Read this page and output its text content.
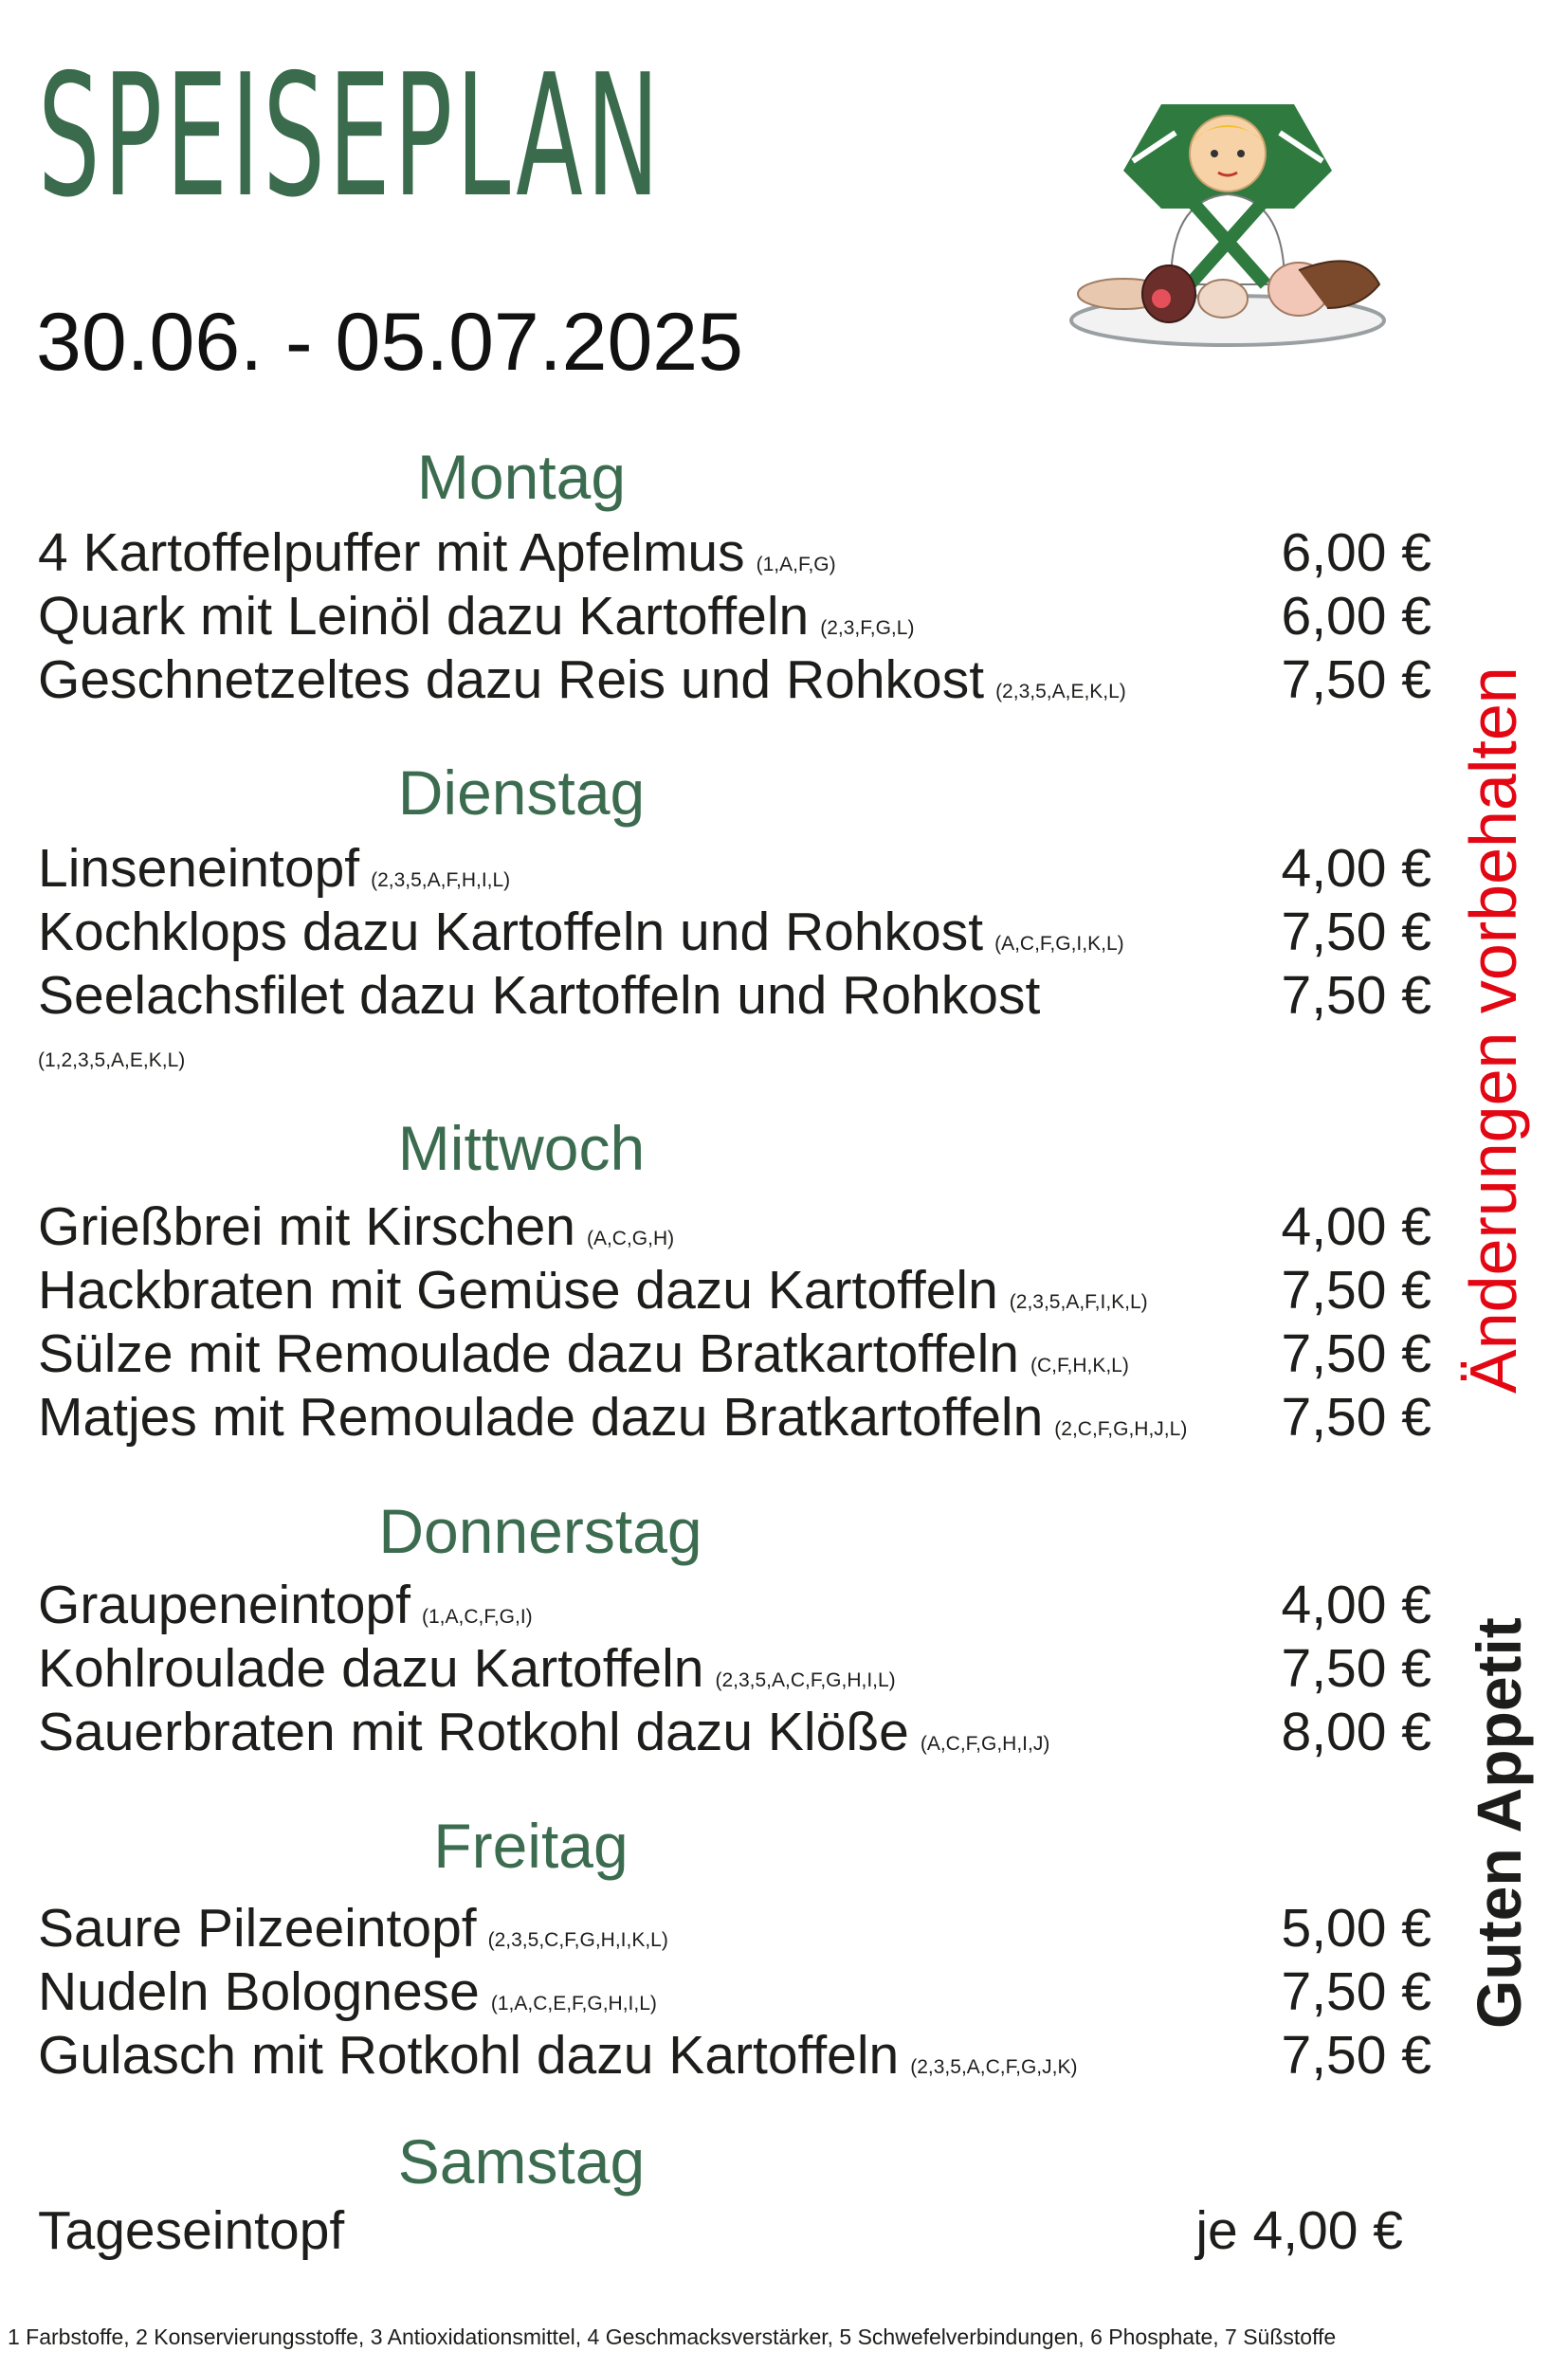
SPEISEPLAN
30.06. - 05.07.2025
Montag
4 Kartoffelpuffer mit Apfelmus (1,A,F,G)	6,00 €
Quark mit Leinöl dazu Kartoffeln (2,3,F,G,L)	6,00 €
Geschnetzeltes dazu Reis und Rohkost (2,3,5,A,E,K,L)	7,50 €
Dienstag
Linseneintopf (2,3,5,A,F,H,I,L)	4,00 €
Kochklops dazu Kartoffeln und Rohkost (A,C,F,G,I,K,L)	7,50 €
Seelachsfilet dazu Kartoffeln und Rohkost	7,50 €
(1,2,3,5,A,E,K,L)
Mittwoch
Grießbrei mit Kirschen (A,C,G,H)	4,00 €
Hackbraten mit Gemüse dazu Kartoffeln (2,3,5,A,F,I,K,L) 7,50 €
Sülze mit Remoulade dazu Bratkartoffeln (C,F,H,K,L)	7,50 €
Matjes mit Remoulade dazu Bratkartoffeln (2,C,F,G,H,J,L) 7,50 €
Donnerstag
Graupeneintopf (1,A,C,F,G,I)	4,00 €
Kohlroulade dazu Kartoffeln (2,3,5,A,C,F,G,H,I,L)	7,50 €
Sauerbraten mit Rotkohl dazu Klöße (A,C,F,G,H,I,J)	8,00 €
Freitag
Saure Pilzeeintopf (2,3,5,C,F,G,H,I,K,L)	5,00 €
Nudeln Bolognese (1,A,C,E,F,G,H,I,L)	7,50 €
Gulasch mit Rotkohl dazu Kartoffeln (2,3,5,A,C,F,G,J,K)	7,50 €
Samstag
Tageseintopf	je 4,00 €
Änderungen vorbehalten
Guten Appetit
1 Farbstoffe, 2 Konservierungsstoffe, 3 Antioxidationsmittel, 4 Geschmacksverstärker, 5 Schwefelverbindungen, 6 Phosphate, 7 Süßstoffe
